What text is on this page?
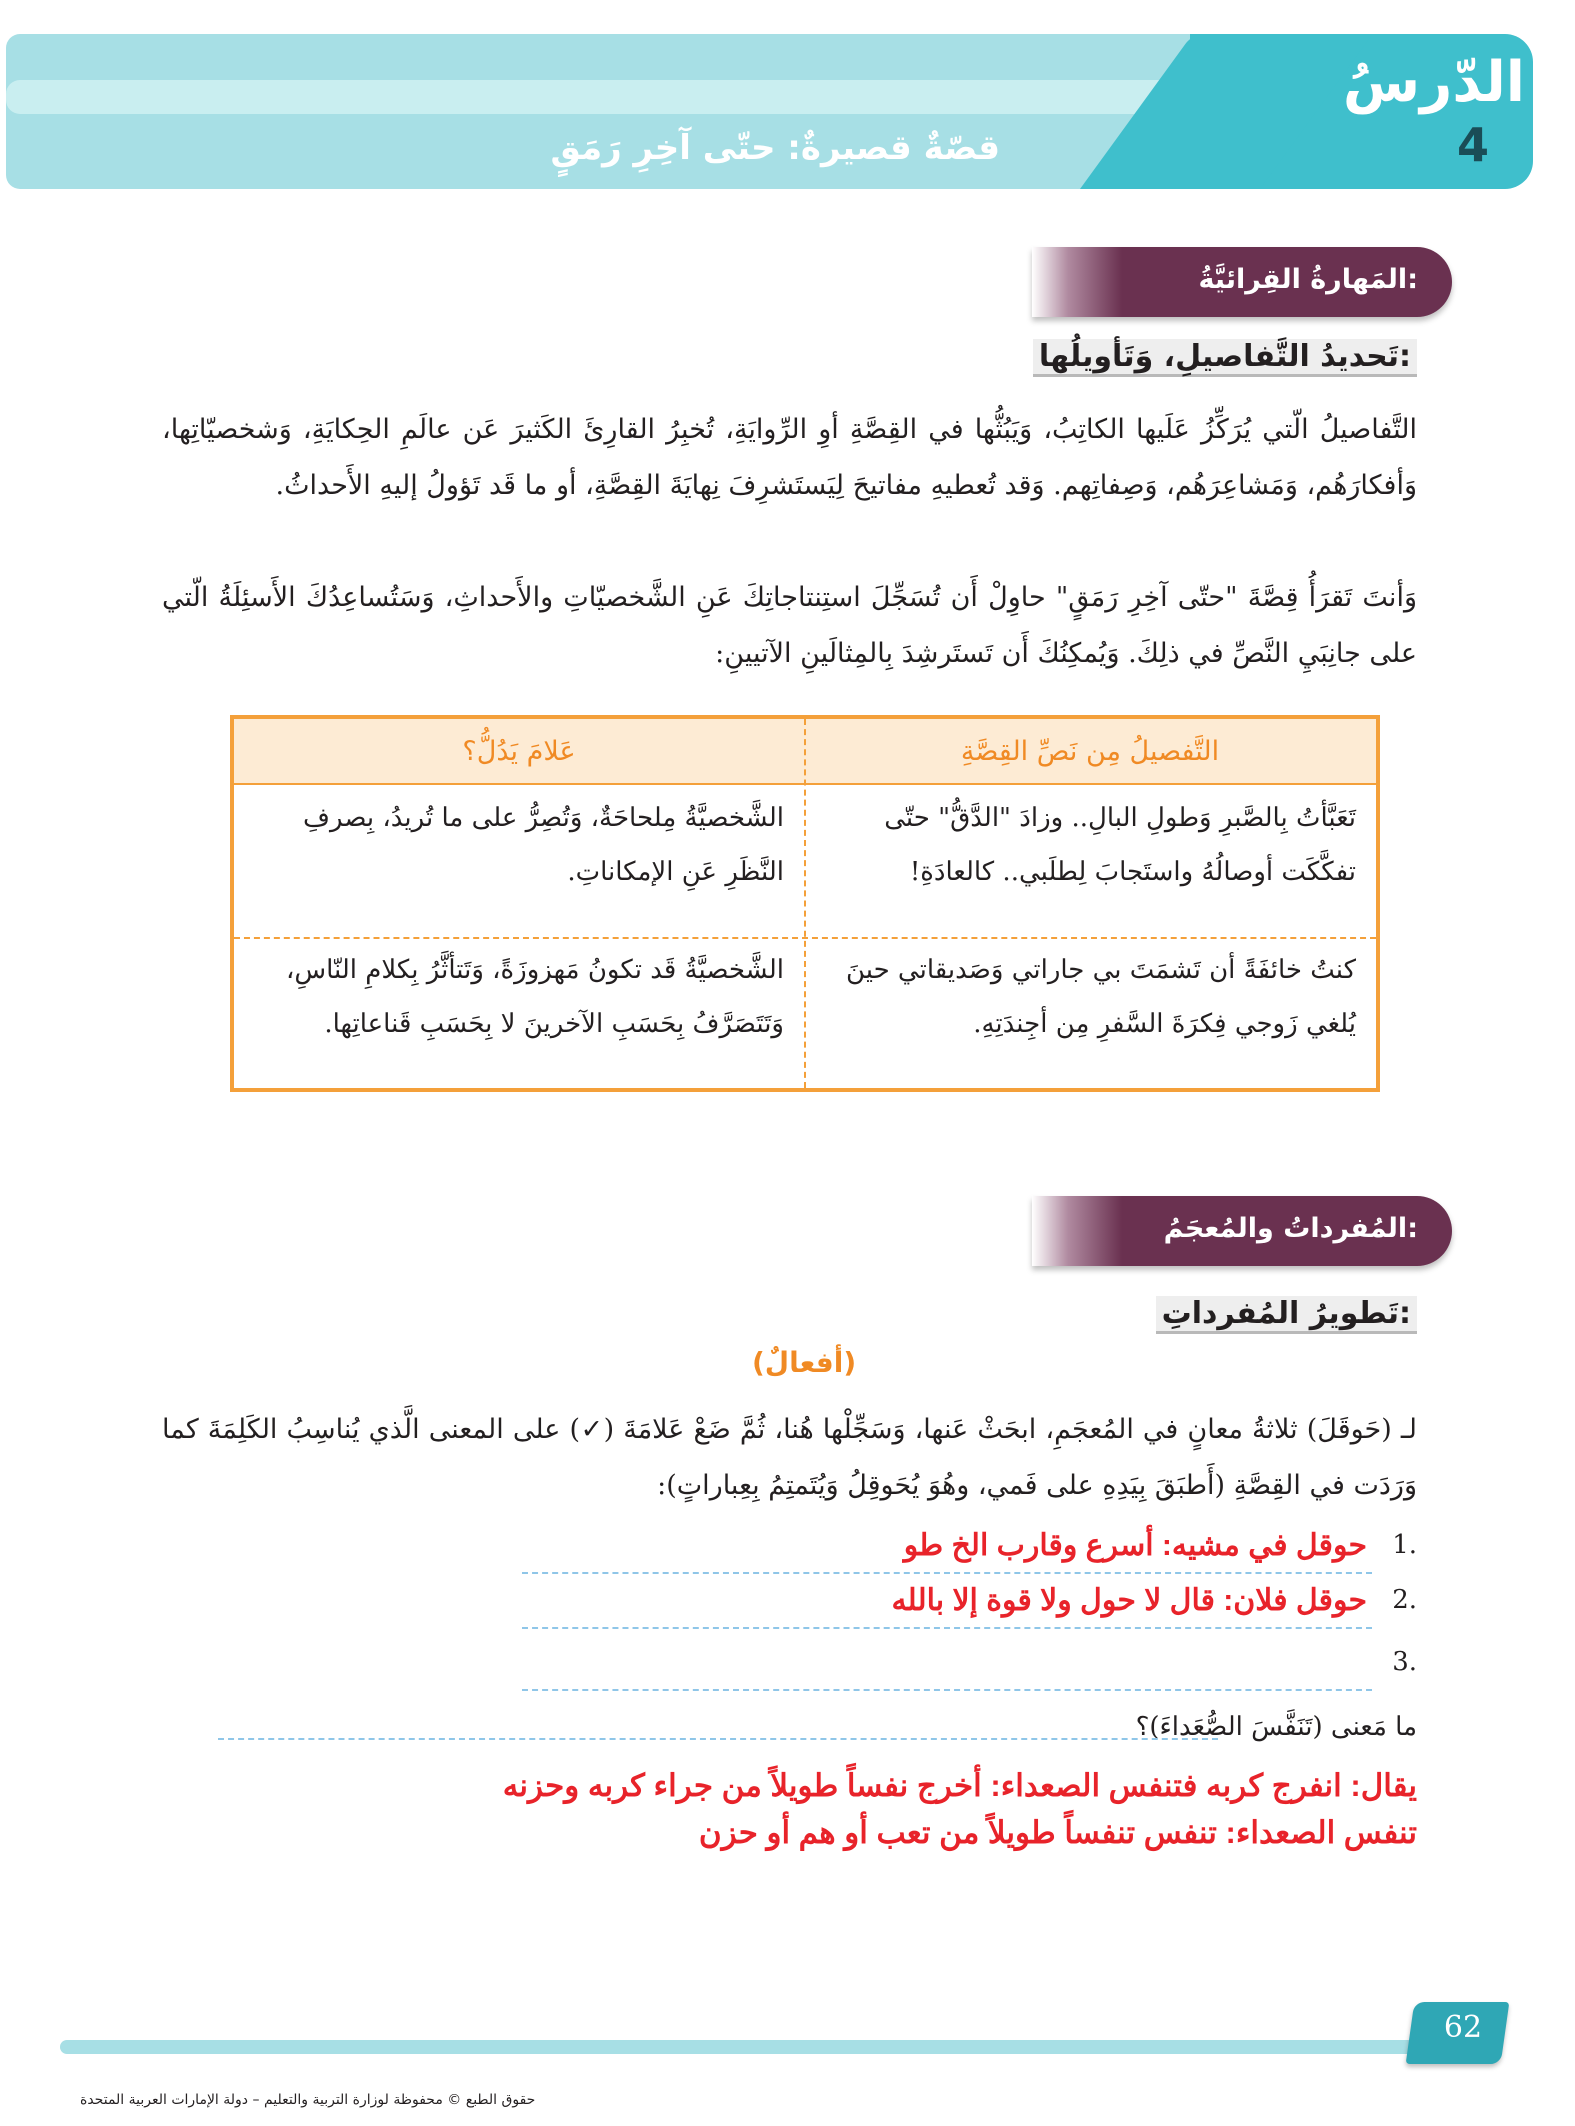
الدّرسُ
4
قصّةٌ قصيرةٌ: حتّى آخِرِ رَمَقٍ
المَهارةُ القِرائيَّةُ:
تَحديدُ التَّفاصيلِ، وَتَأويلُها:

التَّفاصيلُ الّتي يُرَكِّزُ عَلَيها الكاتِبُ، وَيَبُثُّها في القِصَّةِ أوِ الرِّوايَةِ، تُخبِرُ القارِئَ الكَثيرَ عَن عالَمِ الحِكايَةِ، وَشخصيّاتِها، وَأفكارَهُم، وَمَشاعِرَهُم، وَصِفاتِهم. وَقد تُعطيهِ مفاتيحَ لِيَستَشرِفَ نِهايَةَ القِصَّةِ، أو ما قَد تَؤولُ إليهِ الأَحداثُ.

وَأنتَ تَقرَأُ قِصَّةَ "حتّى آخِرِ رَمَقٍ" حاوِلْ أَن تُسَجِّلَ استِنتاجاتِكَ عَنِ الشَّخصيّاتِ والأَحداثِ، وَسَتُساعِدُكَ الأَسئِلَةُ الّتي على جانِبَيِ النَّصِّ في ذلِكَ. وَيُمكِنُكَ أَن تَستَرشِدَ بِالمِثالَينِ الآتيينِ:

التَّفصيلُ مِن نَصِّ القِصَّةِ
عَلامَ يَدُلُّ؟
تَعَبَّأتُ بِالصَّبرِ وَطولِ البالِ.. وزادَ "الدَّقُّ" حتّى تفكَّكَت أوصالُهُ واستَجابَ لِطلَبي.. كالعادَةِ!
الشَّخصيَّةُ مِلحاحَةٌ، وَتُصِرُّ على ما تُريدُ، بِصرفِ النَّظَرِ عَنِ الإمكاناتِ.
كنتُ خائفَةً أن تَشمَتَ بي جاراتي وَصَديقاتي حينَ يُلغي زَوجي فِكرَةَ السَّفرِ مِن أجِندَتِهِ.
الشَّخصيَّةُ قَد تكونُ مَهزوزَةً، وَتَتأثَّرُ بِكلامِ النّاسِ، وَتَتَصَرَّفُ بِحَسَبِ الآخرينَ لا بِحَسَبِ قَناعاتِها.
المُفرداتُ والمُعجَمُ:
تَطويرُ المُفرداتِ:
(أفعالٌ)

لـ (حَوقَلَ) ثلاثةُ معانٍ في المُعجَمِ، ابحَثْ عَنها، وَسَجِّلْها هُنا، ثُمَّ ضَعْ عَلامَةَ (✓) على المعنى الَّذي يُناسِبُ الكَلِمَةَ كما وَرَدَت في القِصَّةِ (أَطبَقَ بِيَدِهِ على فَمي، وهُوَ يُحَوقِلُ وَيُتَمتِمُ بِعِباراتٍ):

1.
حوقل في مشيه: أسرع وقارب الخ طو
2.
حوقل فلان: قال لا حول ولا قوة إلا بالله
3.
ما مَعنى (تَنَفَّسَ الصُّعَداءَ)؟
يقال: انفرج كربه فتنفس الصعداء: أخرج نفساً طويلاً من جراء كربه وحزنه
تنفس الصعداء: تنفس تنفساً طويلاً من تعب أو هم أو حزن
62
حقوق الطبع © محفوظة لوزارة التربية والتعليم – دولة الإمارات العربية المتحدة
